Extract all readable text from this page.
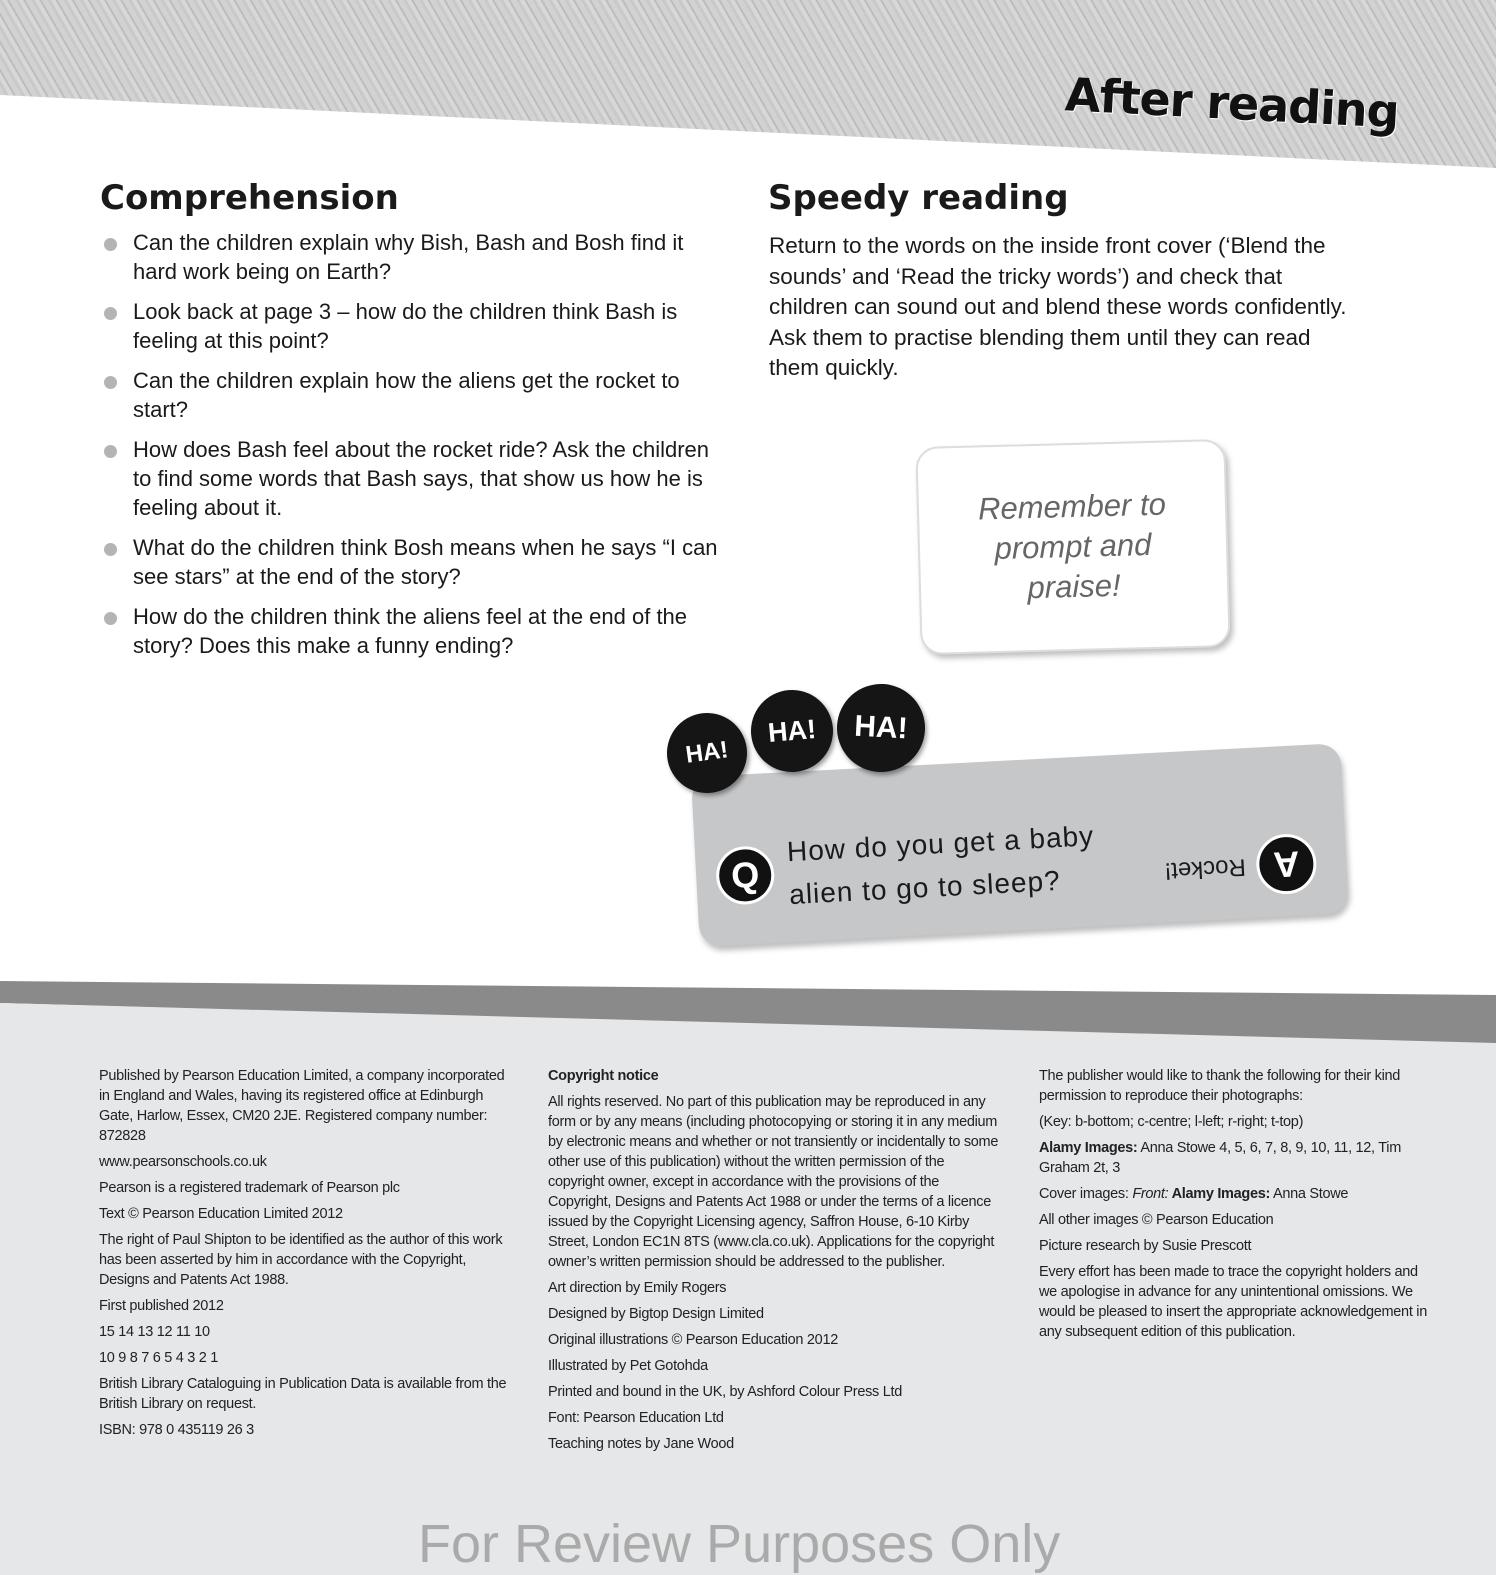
After reading
Comprehension
Can the children explain why Bish, Bash and Bosh find it hard work being on Earth?
Look back at page 3 – how do the children think Bash is feeling at this point?
Can the children explain how the aliens get the rocket to start?
How does Bash feel about the rocket ride? Ask the children to find some words that Bash says, that show us how he is feeling about it.
What do the children think Bosh means when he says “I can see stars” at the end of the story?
How do the children think the aliens feel at the end of the story? Does this make a funny ending?
Speedy reading

Return to the words on the inside front cover (‘Blend the sounds’ and ‘Read the tricky words’) and check that children can sound out and blend these words confidently. Ask them to practise blending them until they can read them quickly.

Remember to prompt and praise!
Q
How do you get a baby alien to go to sleep?	Rocket! A
HA!
HA!	HA!

Published by Pearson Education Limited, a company incorporated in England and Wales, having its registered office at Edinburgh Gate, Harlow, Essex, CM20 2JE. Registered company number: 872828

www.pearsonschools.co.uk

Pearson is a registered trademark of Pearson plc

Text © Pearson Education Limited 2012

The right of Paul Shipton to be identified as the author of this work has been asserted by him in accordance with the Copyright, Designs and Patents Act 1988.

First published 2012

15 14 13 12 11 10

10 9 8 7 6 5 4 3 2 1

British Library Cataloguing in Publication Data is available from the British Library on request.

ISBN: 978 0 435119 26 3

Copyright notice

All rights reserved. No part of this publication may be reproduced in any form or by any means (including photocopying or storing it in any medium by electronic means and whether or not transiently or incidentally to some other use of this publication) without the written permission of the copyright owner, except in accordance with the provisions of the Copyright, Designs and Patents Act 1988 or under the terms of a licence issued by the Copyright Licensing agency, Saffron House, 6-10 Kirby Street, London EC1N 8TS (www.cla.co.uk). Applications for the copyright owner’s written permission should be addressed to the publisher.

Art direction by Emily Rogers

Designed by Bigtop Design Limited

Original illustrations © Pearson Education 2012

Illustrated by Pet Gotohda

Printed and bound in the UK, by Ashford Colour Press Ltd

Font: Pearson Education Ltd

Teaching notes by Jane Wood

The publisher would like to thank the following for their kind permission to reproduce their photographs:

(Key: b-bottom; c-centre; l-left; r-right; t-top)

Alamy Images: Anna Stowe 4, 5, 6, 7, 8, 9, 10, 11, 12, Tim Graham 2t, 3

Cover images: Front: Alamy Images: Anna Stowe

All other images © Pearson Education

Picture research by Susie Prescott

Every effort has been made to trace the copyright holders and we apologise in advance for any unintentional omissions. We would be pleased to insert the appropriate acknowledgement in any subsequent edition of this publication.

For Review Purposes Only
